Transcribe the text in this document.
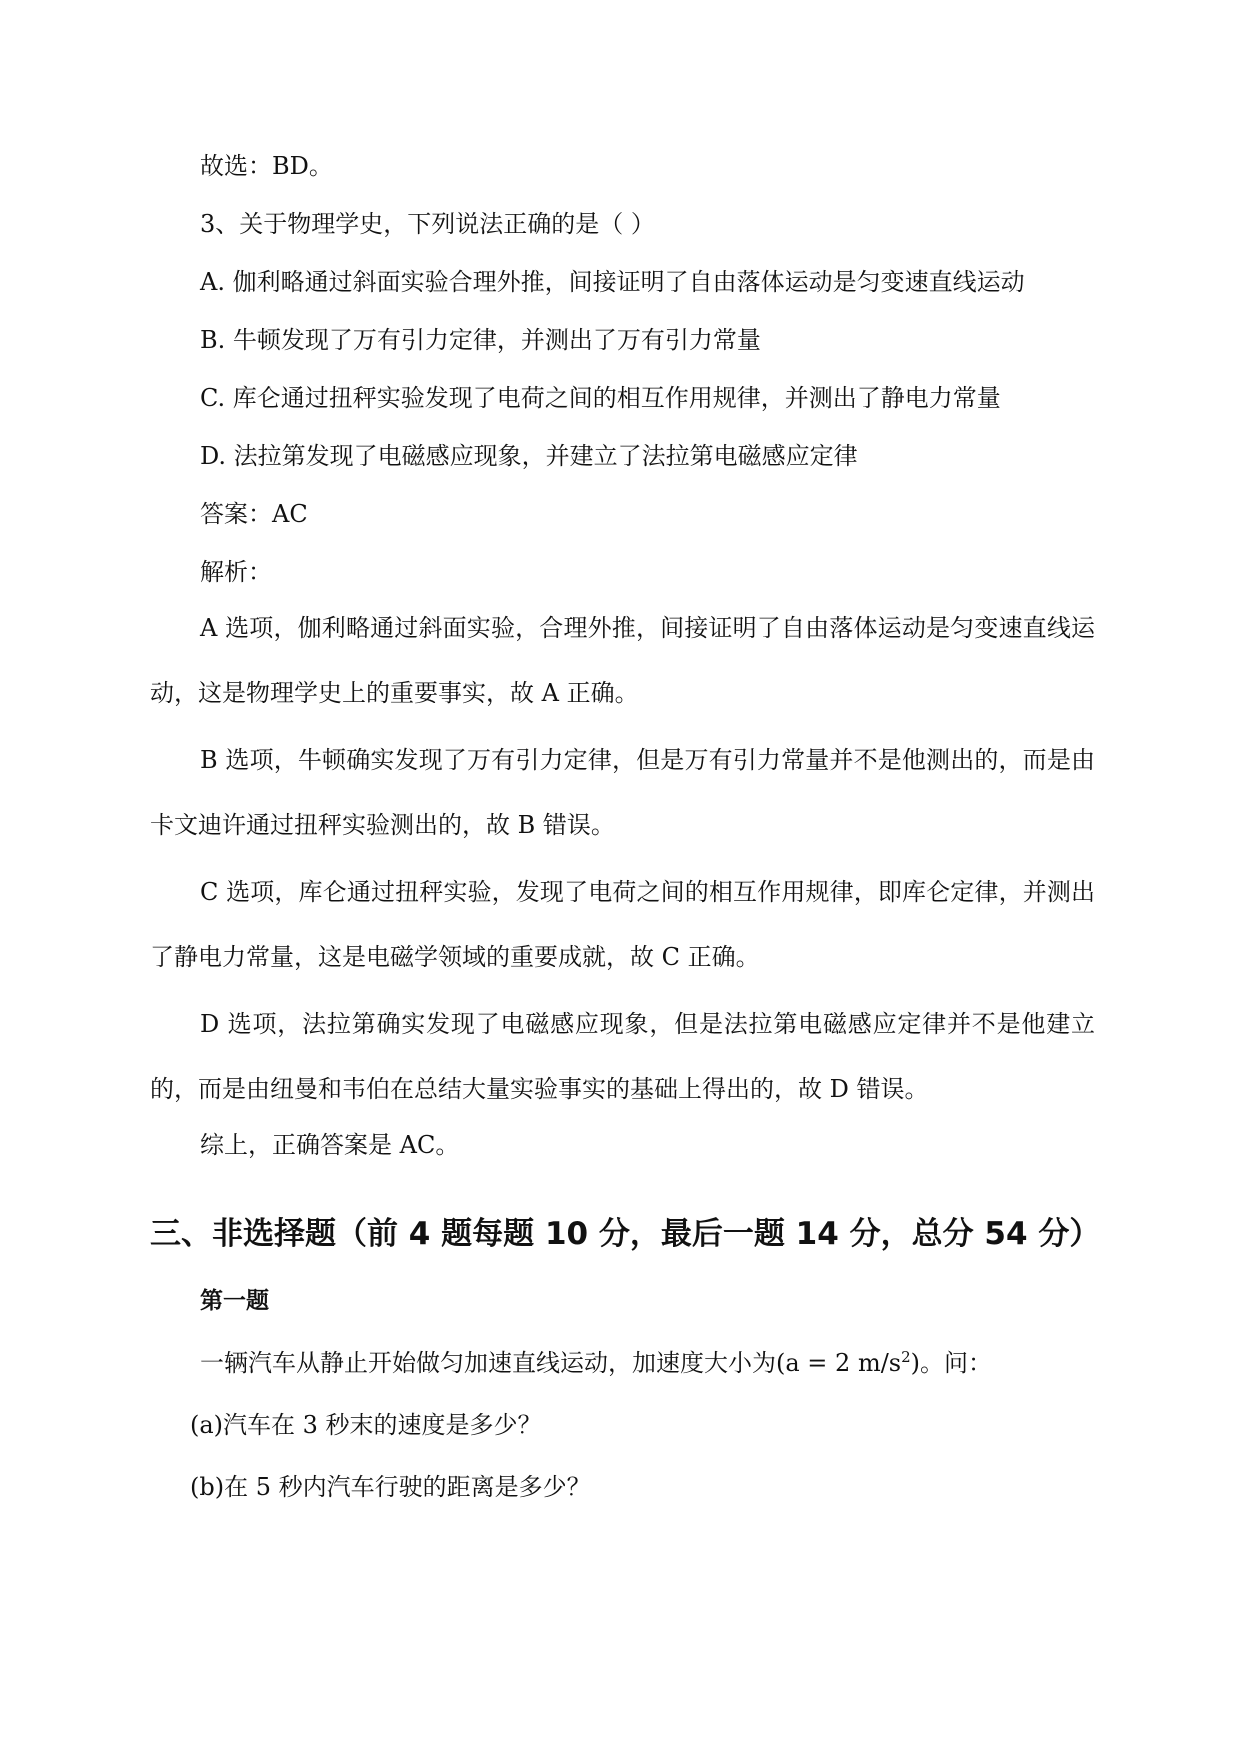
故选：BD。

3、关于物理学史，下列说法正确的是（ ）

A. 伽利略通过斜面实验合理外推，间接证明了自由落体运动是匀变速直线运动

B. 牛顿发现了万有引力定律，并测出了万有引力常量

C. 库仑通过扭秤实验发现了电荷之间的相互作用规律，并测出了静电力常量

D. 法拉第发现了电磁感应现象，并建立了法拉第电磁感应定律

答案：AC

解析：

A 选项，伽利略通过斜面实验，合理外推，间接证明了自由落体运动是匀变速直线运动，这是物理学史上的重要事实，故 A 正确。

B 选项，牛顿确实发现了万有引力定律，但是万有引力常量并不是他测出的，而是由卡文迪许通过扭秤实验测出的，故 B 错误。

C 选项，库仑通过扭秤实验，发现了电荷之间的相互作用规律，即库仑定律，并测出了静电力常量，这是电磁学领域的重要成就，故 C 正确。

D 选项，法拉第确实发现了电磁感应现象，但是法拉第电磁感应定律并不是他建立的，而是由纽曼和韦伯在总结大量实验事实的基础上得出的，故 D 错误。

综上，正确答案是 AC。

三、非选择题（前 4 题每题 10 分，最后一题 14 分，总分 54 分）
第一题

一辆汽车从静止开始做匀加速直线运动，加速度大小为(a = 2 $m/s^2$)。问：

(a)汽车在 3 秒末的速度是多少？

(b)在 5 秒内汽车行驶的距离是多少？
